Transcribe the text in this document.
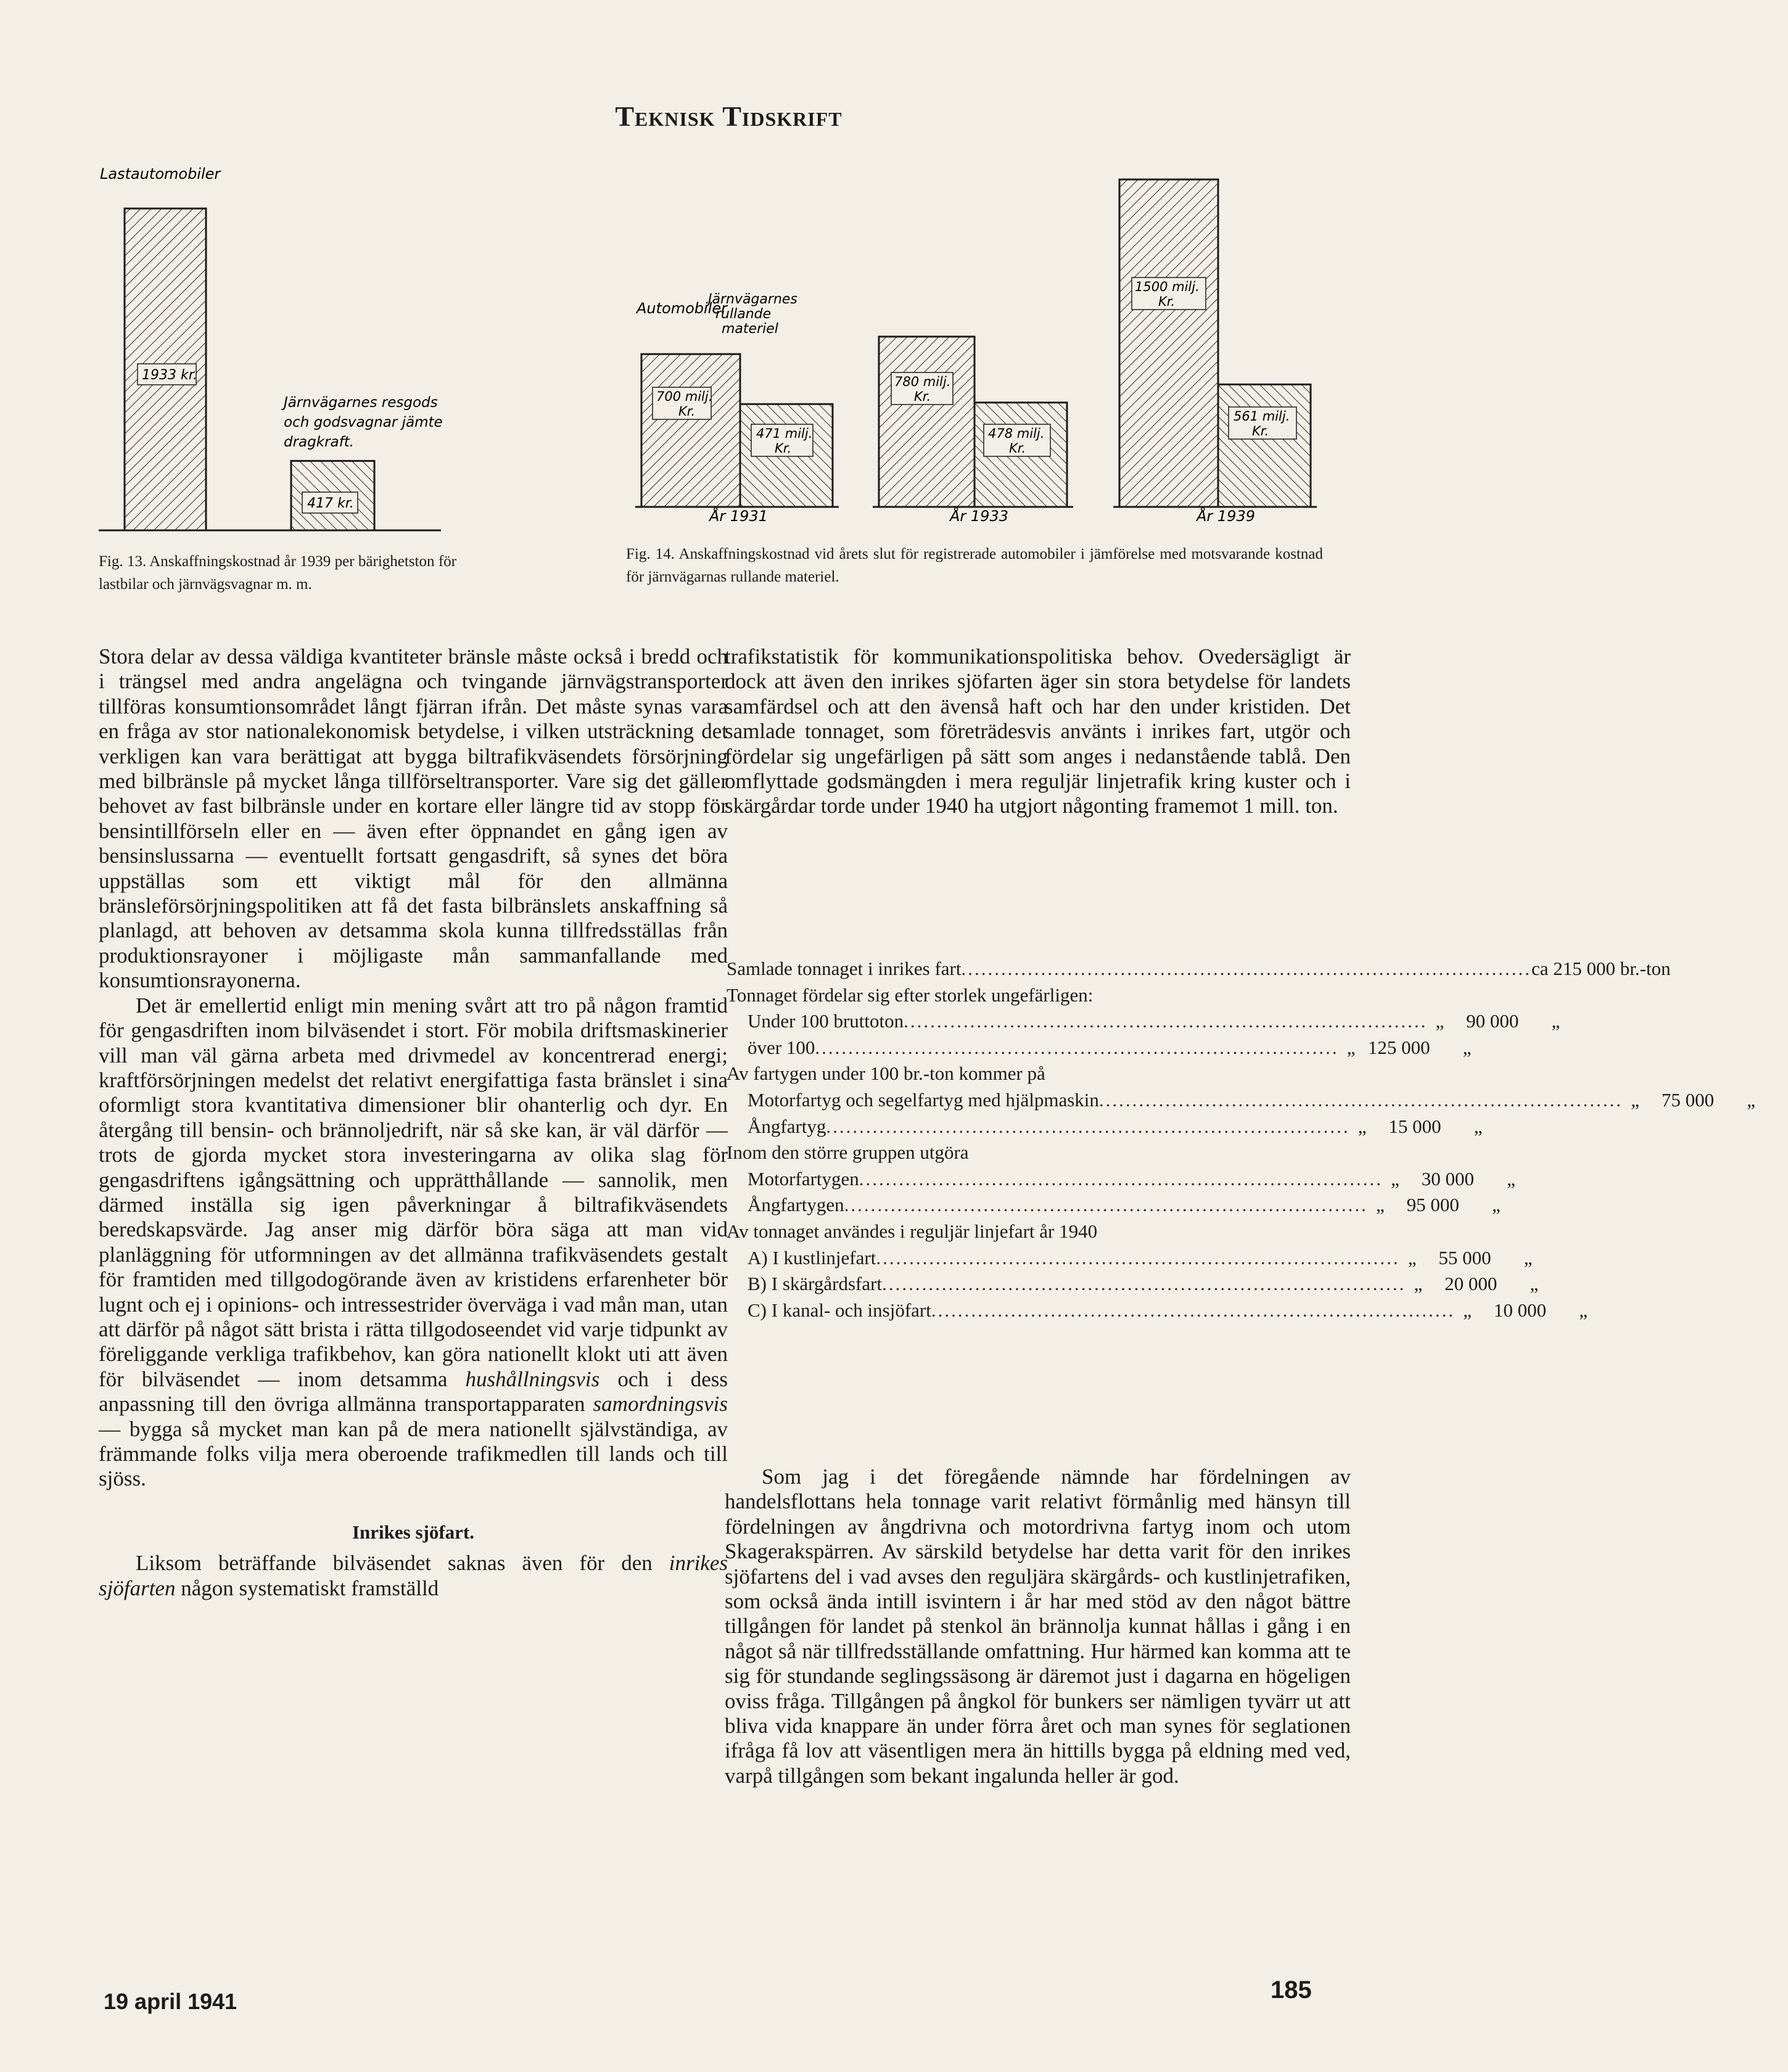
Teknisk Tidskrift
Lastautomobiler
1933 kr.
417 kr.
Järnvägarnes resgods
och godsvagnar jämte
dragkraft.
Fig. 13. Anskaffningskostnad år 1939 per bärighetston för lastbilar och järnvägsvagnar m. m.
Automobiler
Järnvägarnes
rullande
materiel
700 milj.
Kr.
471 milj.
Kr.
År 1931
780 milj.
Kr.
478 milj.
Kr.
År 1933
1500 milj.
Kr.
561 milj.
Kr.
År 1939
Fig. 14. Anskaffningskostnad vid årets slut för registrerade automobiler i jämförelse med motsvarande kostnad för järnvägarnas rullande materiel.

Stora delar av dessa väldiga kvantiteter bränsle måste också i bredd och i trängsel med andra angelägna och tvingande järnvägstransporter tillföras konsumtionsområdet långt fjärran ifrån. Det måste synas vara en fråga av stor nationalekonomisk betydelse, i vilken utsträckning det verkligen kan vara berättigat att bygga biltrafikväsendets försörjning med bilbränsle på mycket långa tillförseltransporter. Vare sig det gäller behovet av fast bilbränsle under en kortare eller längre tid av stopp för bensintillförseln eller en — även efter öppnandet en gång igen av bensinslussarna — eventuellt fortsatt gengasdrift, så synes det böra uppställas som ett viktigt mål för den allmänna bränsleförsörjningspolitiken att få det fasta bilbränslets anskaffning så planlagd, att behoven av detsamma skola kunna tillfredsställas från produktionsrayoner i möjligaste mån sammanfallande med konsumtionsrayonerna.

Det är emellertid enligt min mening svårt att tro på någon framtid för gengasdriften inom bilväsendet i stort. För mobila driftsmaskinerier vill man väl gärna arbeta med drivmedel av koncentrerad energi; kraftförsörjningen medelst det relativt energifattiga fasta bränslet i sina oformligt stora kvantitativa dimensioner blir ohanterlig och dyr. En återgång till bensin- och brännoljedrift, när så ske kan, är väl därför — trots de gjorda mycket stora investeringarna av olika slag för gengasdriftens igångsättning och upprätthållande — sannolik, men därmed inställa sig igen påverkningar å biltrafikväsendets beredskapsvärde. Jag anser mig därför böra säga att man vid planläggning för utformningen av det allmänna trafikväsendets gestalt för framtiden med tillgodogörande även av kristidens erfarenheter bör lugnt och ej i opinions- och intressestrider överväga i vad mån man, utan att därför på något sätt brista i rätta tillgodoseendet vid varje tidpunkt av föreliggande verkliga trafikbehov, kan göra nationellt klokt uti att även för bilväsendet — inom detsamma hushållningsvis och i dess anpassning till den övriga allmänna transportapparaten samordningsvis — bygga så mycket man kan på de mera nationellt självständiga, av främmande folks vilja mera oberoende trafikmedlen till lands och till sjöss.

Inrikes sjöfart.

Liksom beträffande bilväsendet saknas även för den inrikes sjöfarten någon systematiskt framställd

trafikstatistik för kommunikationspolitiska behov. Ovedersägligt är dock att även den inrikes sjöfarten äger sin stora betydelse för landets samfärdsel och att den ävenså haft och har den under kristiden. Det samlade tonnaget, som företrädesvis använts i inrikes fart, utgör och fördelar sig ungefärligen på sätt som anges i nedanstående tablå. Den omflyttade godsmängden i mera reguljär linjetrafik kring kuster och i skärgårdar torde under 1940 ha utgjort någonting framemot 1 mill. ton.

Samlade tonnaget i inrikes fart ...................................................................................... ca 215 000 br.-ton
Tonnaget fördelar sig efter storlek ungefärligen:
Under 100 bruttoton ............................................................................... „	90 000	„
över 100 ............................................................................... „ 125 000	„
Av fartygen under 100 br.-ton kommer på
Motorfartyg och segelfartyg med hjälpmaskin ............................................................................... „	75 000	„
Ångfartyg ............................................................................... „	15 000	„
Inom den större gruppen utgöra
Motorfartygen ............................................................................... „	30 000	„
Ångfartygen ............................................................................... „	95 000	„
Av tonnaget användes i reguljär linjefart år 1940
A) I kustlinjefart ............................................................................... „	55 000	„
B) I skärgårdsfart ............................................................................... „	20 000	„
C) I kanal- och insjöfart ............................................................................... „	10 000	„

Som jag i det föregående nämnde har fördelningen av handelsflottans hela tonnage varit relativt förmånlig med hänsyn till fördelningen av ångdrivna och motordrivna fartyg inom och utom Skagerakspärren. Av särskild betydelse har detta varit för den inrikes sjöfartens del i vad avses den reguljära skärgårds- och kustlinjetrafiken, som också ända intill isvintern i år har med stöd av den något bättre tillgången för landet på stenkol än brännolja kunnat hållas i gång i en något så när tillfredsställande omfattning. Hur härmed kan komma att te sig för stundande seglingssäsong är däremot just i dagarna en högeligen oviss fråga. Tillgången på ångkol för bunkers ser nämligen tyvärr ut att bliva vida knappare än under förra året och man synes för seglationen ifråga få lov att väsentligen mera än hittills bygga på eldning med ved, varpå tillgången som bekant ingalunda heller är god.

19 april 1941	185
